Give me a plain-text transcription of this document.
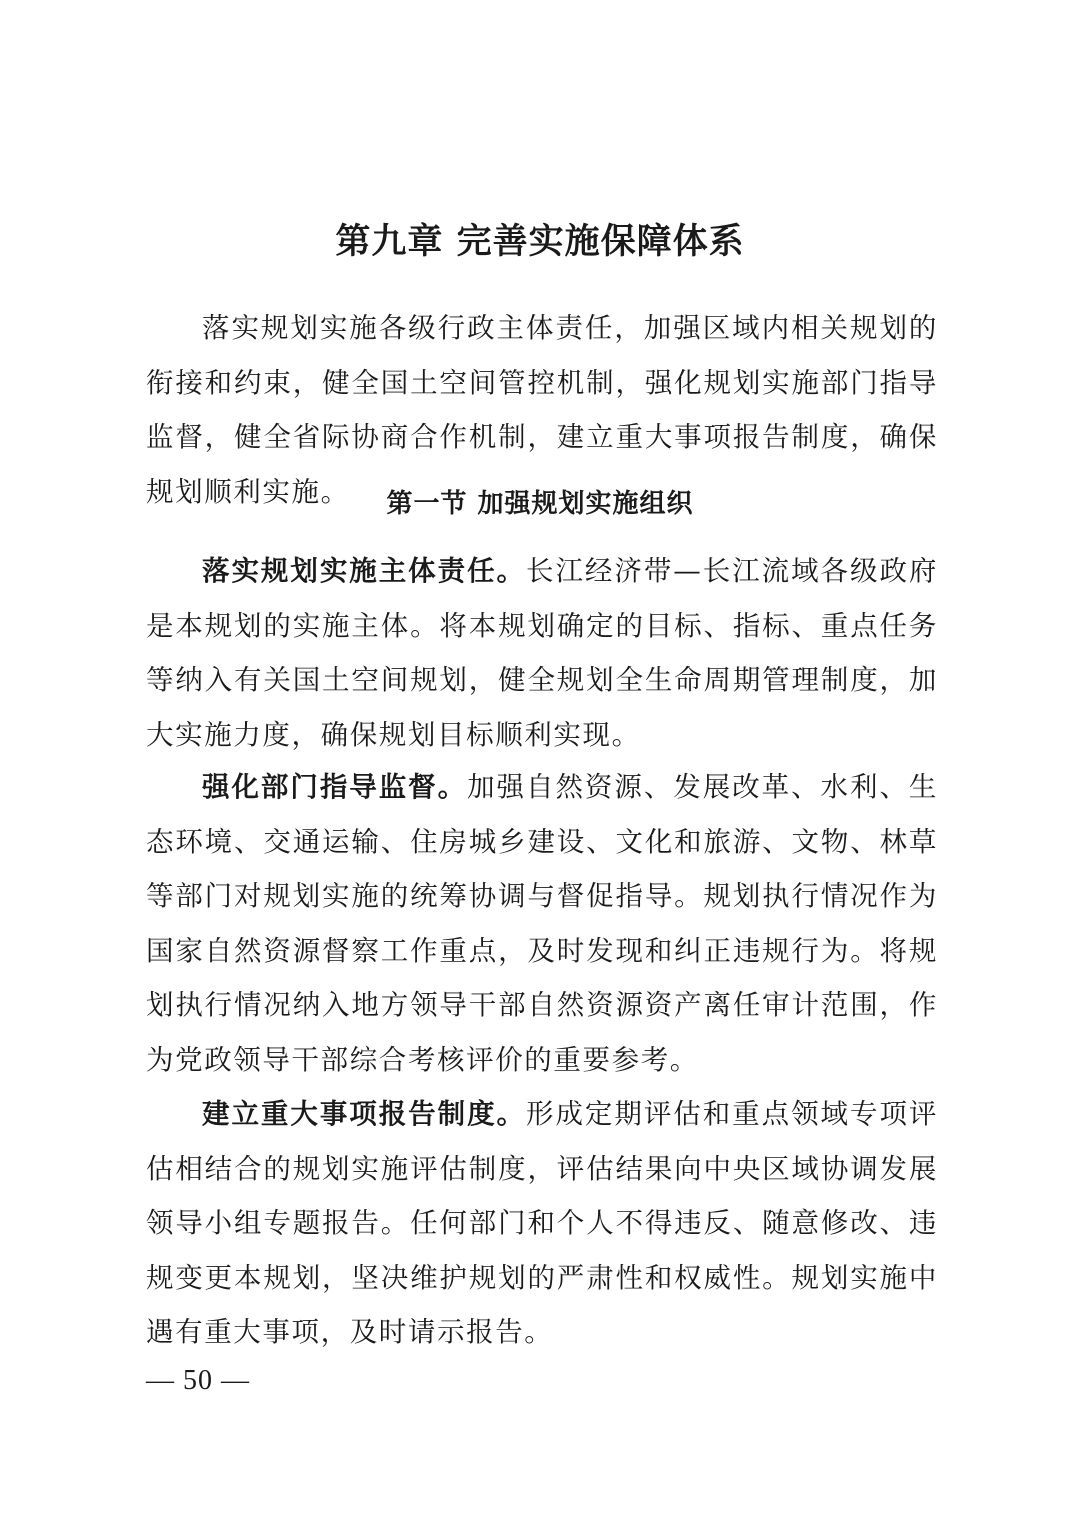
第九章 完善实施保障体系

落实规划实施各级行政主体责任，加强区域内相关规划的衔接和约束，健全国土空间管控机制，强化规划实施部门指导监督，健全省际协商合作机制，建立重大事项报告制度，确保规划顺利实施。	第一节 加强规划实施组织

落实规划实施主体责任。长江经济带—长江流域各级政府是本规划的实施主体。将本规划确定的目标、指标、重点任务等纳入有关国土空间规划，健全规划全生命周期管理制度，加大实施力度，确保规划目标顺利实现。

强化部门指导监督。加强自然资源、发展改革、水利、生态环境、交通运输、住房城乡建设、文化和旅游、文物、林草等部门对规划实施的统筹协调与督促指导。规划执行情况作为国家自然资源督察工作重点，及时发现和纠正违规行为。将规划执行情况纳入地方领导干部自然资源资产离任审计范围，作为党政领导干部综合考核评价的重要参考。

建立重大事项报告制度。形成定期评估和重点领域专项评估相结合的规划实施评估制度，评估结果向中央区域协调发展领导小组专题报告。任何部门和个人不得违反、随意修改、违规变更本规划，坚决维护规划的严肃性和权威性。规划实施中遇有重大事项，及时请示报告。

— 50 —
